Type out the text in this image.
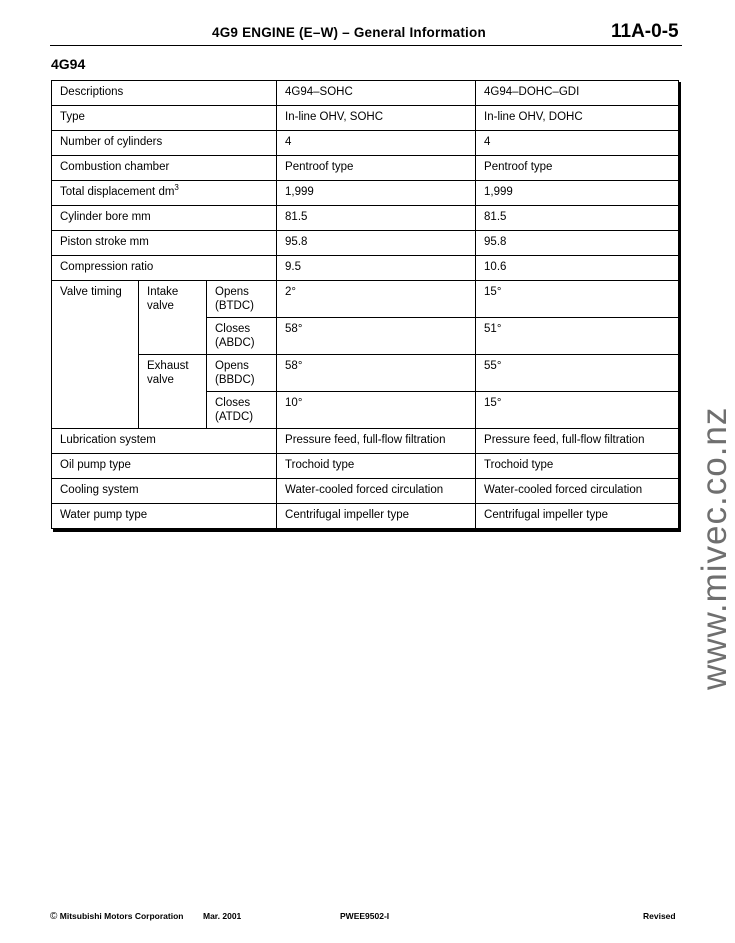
4G9 ENGINE (E–W) – General Information	11A-0-5
4G94
Descriptions			4G94–SOHC	4G94–DOHC–GDI
Type			In-line OHV, SOHC	In-line OHV, DOHC
Number of cylinders			4	4
Combustion chamber			Pentroof type	Pentroof type
Total displacement $dm^3$			1,999	1,999
Cylinder bore mm			81.5	81.5
Piston stroke mm			95.8	95.8
Compression ratio			9.5	10.6
Valve timing	Intake valve	Opens (BTDC)	2°	15°
		Closes (ABDC)	58°	51°
	Exhaust valve	Opens (BBDC)	58°	55°
		Closes (ATDC)	10°	15°
Lubrication system			Pressure feed, full-flow filtration	Pressure feed, full-flow filtration
Oil pump type			Trochoid type	Trochoid type
Cooling system			Water-cooled forced circulation	Water-cooled forced circulation
Water pump type			Centrifugal impeller type	Centrifugal impeller type www.mivec.co.nz
© Mitsubishi Motors Corporation Mar. 2001	PWEE9502-I	Revised
